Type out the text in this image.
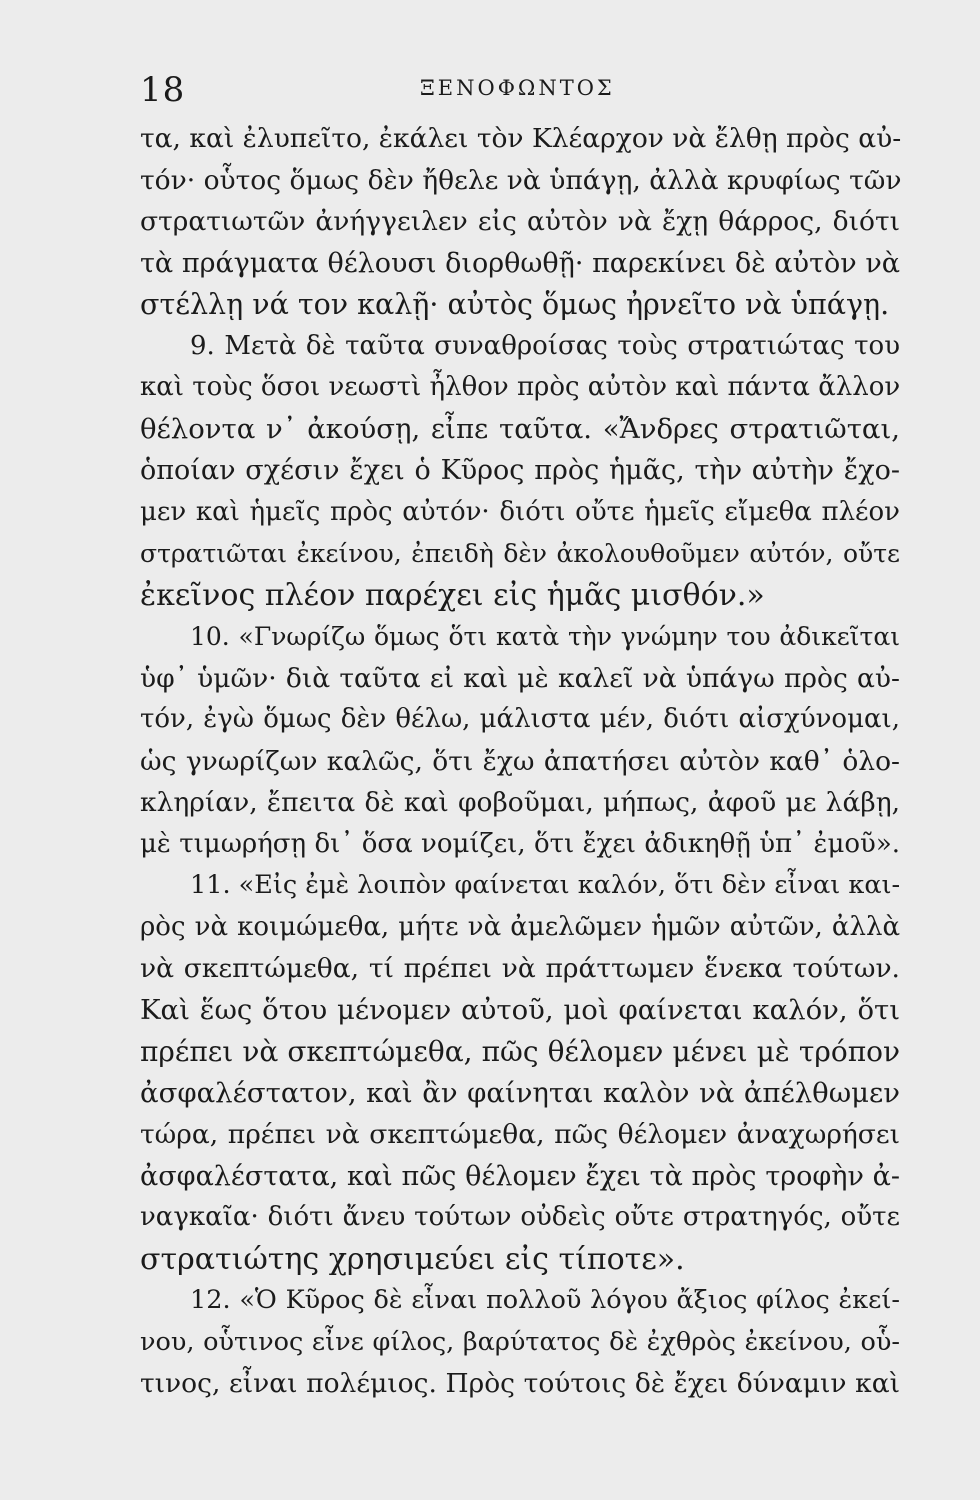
18	ΞΕΝΟΦΩΝΤΟΣ
τα, καὶ ἐλυπεῖτο, ἐκάλει τὸν Κλέαρχον νὰ ἔλθῃ πρὸς αὐ-
τόν· οὗτος ὅμως δὲν ἤθελε νὰ ὑπάγῃ, ἀλλὰ κρυφίως τῶν
στρατιωτῶν ἀνήγγειλεν εἰς αὐτὸν νὰ ἔχῃ θάρρος, διότι
τὰ πράγματα θέλουσι διορθωθῇ· παρεκίνει δὲ αὐτὸν νὰ
στέλλῃ νά τον καλῇ· αὐτὸς ὅμως ἠρνεῖτο νὰ ὑπάγῃ.
9. Μετὰ δὲ ταῦτα συναθροίσας τοὺς στρατιώτας του
καὶ τοὺς ὅσοι νεωστὶ ἦλθον πρὸς αὐτὸν καὶ πάντα ἄλλον
θέλοντα ν᾽ ἀκούσῃ, εἶπε ταῦτα. «Ἄνδρες στρατιῶται,
ὁποίαν σχέσιν ἔχει ὁ Κῦρος πρὸς ἡμᾶς, τὴν αὐτὴν ἔχο-
μεν καὶ ἡμεῖς πρὸς αὐτόν· διότι οὔτε ἡμεῖς εἴμεθα πλέον
στρατιῶται ἐκείνου, ἐπειδὴ δὲν ἀκολουθοῦμεν αὐτόν, οὔτε
ἐκεῖνος πλέον παρέχει εἰς ἡμᾶς μισθόν.»
10. «Γνωρίζω ὅμως ὅτι κατὰ τὴν γνώμην του ἀδικεῖται
ὑφ᾽ ὑμῶν· διὰ ταῦτα εἰ καὶ μὲ καλεῖ νὰ ὑπάγω πρὸς αὐ-
τόν, ἐγὼ ὅμως δὲν θέλω, μάλιστα μέν, διότι αἰσχύνομαι,
ὡς γνωρίζων καλῶς, ὅτι ἔχω ἀπατήσει αὐτὸν καθ᾽ ὁλο-
κληρίαν, ἔπειτα δὲ καὶ φοβοῦμαι, μήπως, ἀφοῦ με λάβῃ,
μὲ τιμωρήσῃ δι᾽ ὅσα νομίζει, ὅτι ἔχει ἀδικηθῇ ὑπ᾽ ἐμοῦ».
11. «Εἰς ἐμὲ λοιπὸν φαίνεται καλόν, ὅτι δὲν εἶναι και-
ρὸς νὰ κοιμώμεθα, μήτε νὰ ἀμελῶμεν ἡμῶν αὐτῶν, ἀλλὰ
νὰ σκεπτώμεθα, τί πρέπει νὰ πράττωμεν ἕνεκα τούτων.
Καὶ ἕως ὅτου μένομεν αὐτοῦ, μοὶ φαίνεται καλόν, ὅτι
πρέπει νὰ σκεπτώμεθα, πῶς θέλομεν μένει μὲ τρόπον
ἀσφαλέστατον, καὶ ἂν φαίνηται καλὸν νὰ ἀπέλθωμεν
τώρα, πρέπει νὰ σκεπτώμεθα, πῶς θέλομεν ἀναχωρήσει
ἀσφαλέστατα, καὶ πῶς θέλομεν ἔχει τὰ πρὸς τροφὴν ἀ-
ναγκαῖα· διότι ἄνευ τούτων οὐδεὶς οὔτε στρατηγός, οὔτε
στρατιώτης χρησιμεύει εἰς τίποτε».
12. «Ὁ Κῦρος δὲ εἶναι πολλοῦ λόγου ἄξιος φίλος ἐκεί-
νου, οὗτινος εἶνε φίλος, βαρύτατος δὲ ἐχθρὸς ἐκείνου, οὗ-
τινος, εἶναι πολέμιος. Πρὸς τούτοις δὲ ἔχει δύναμιν καὶ
